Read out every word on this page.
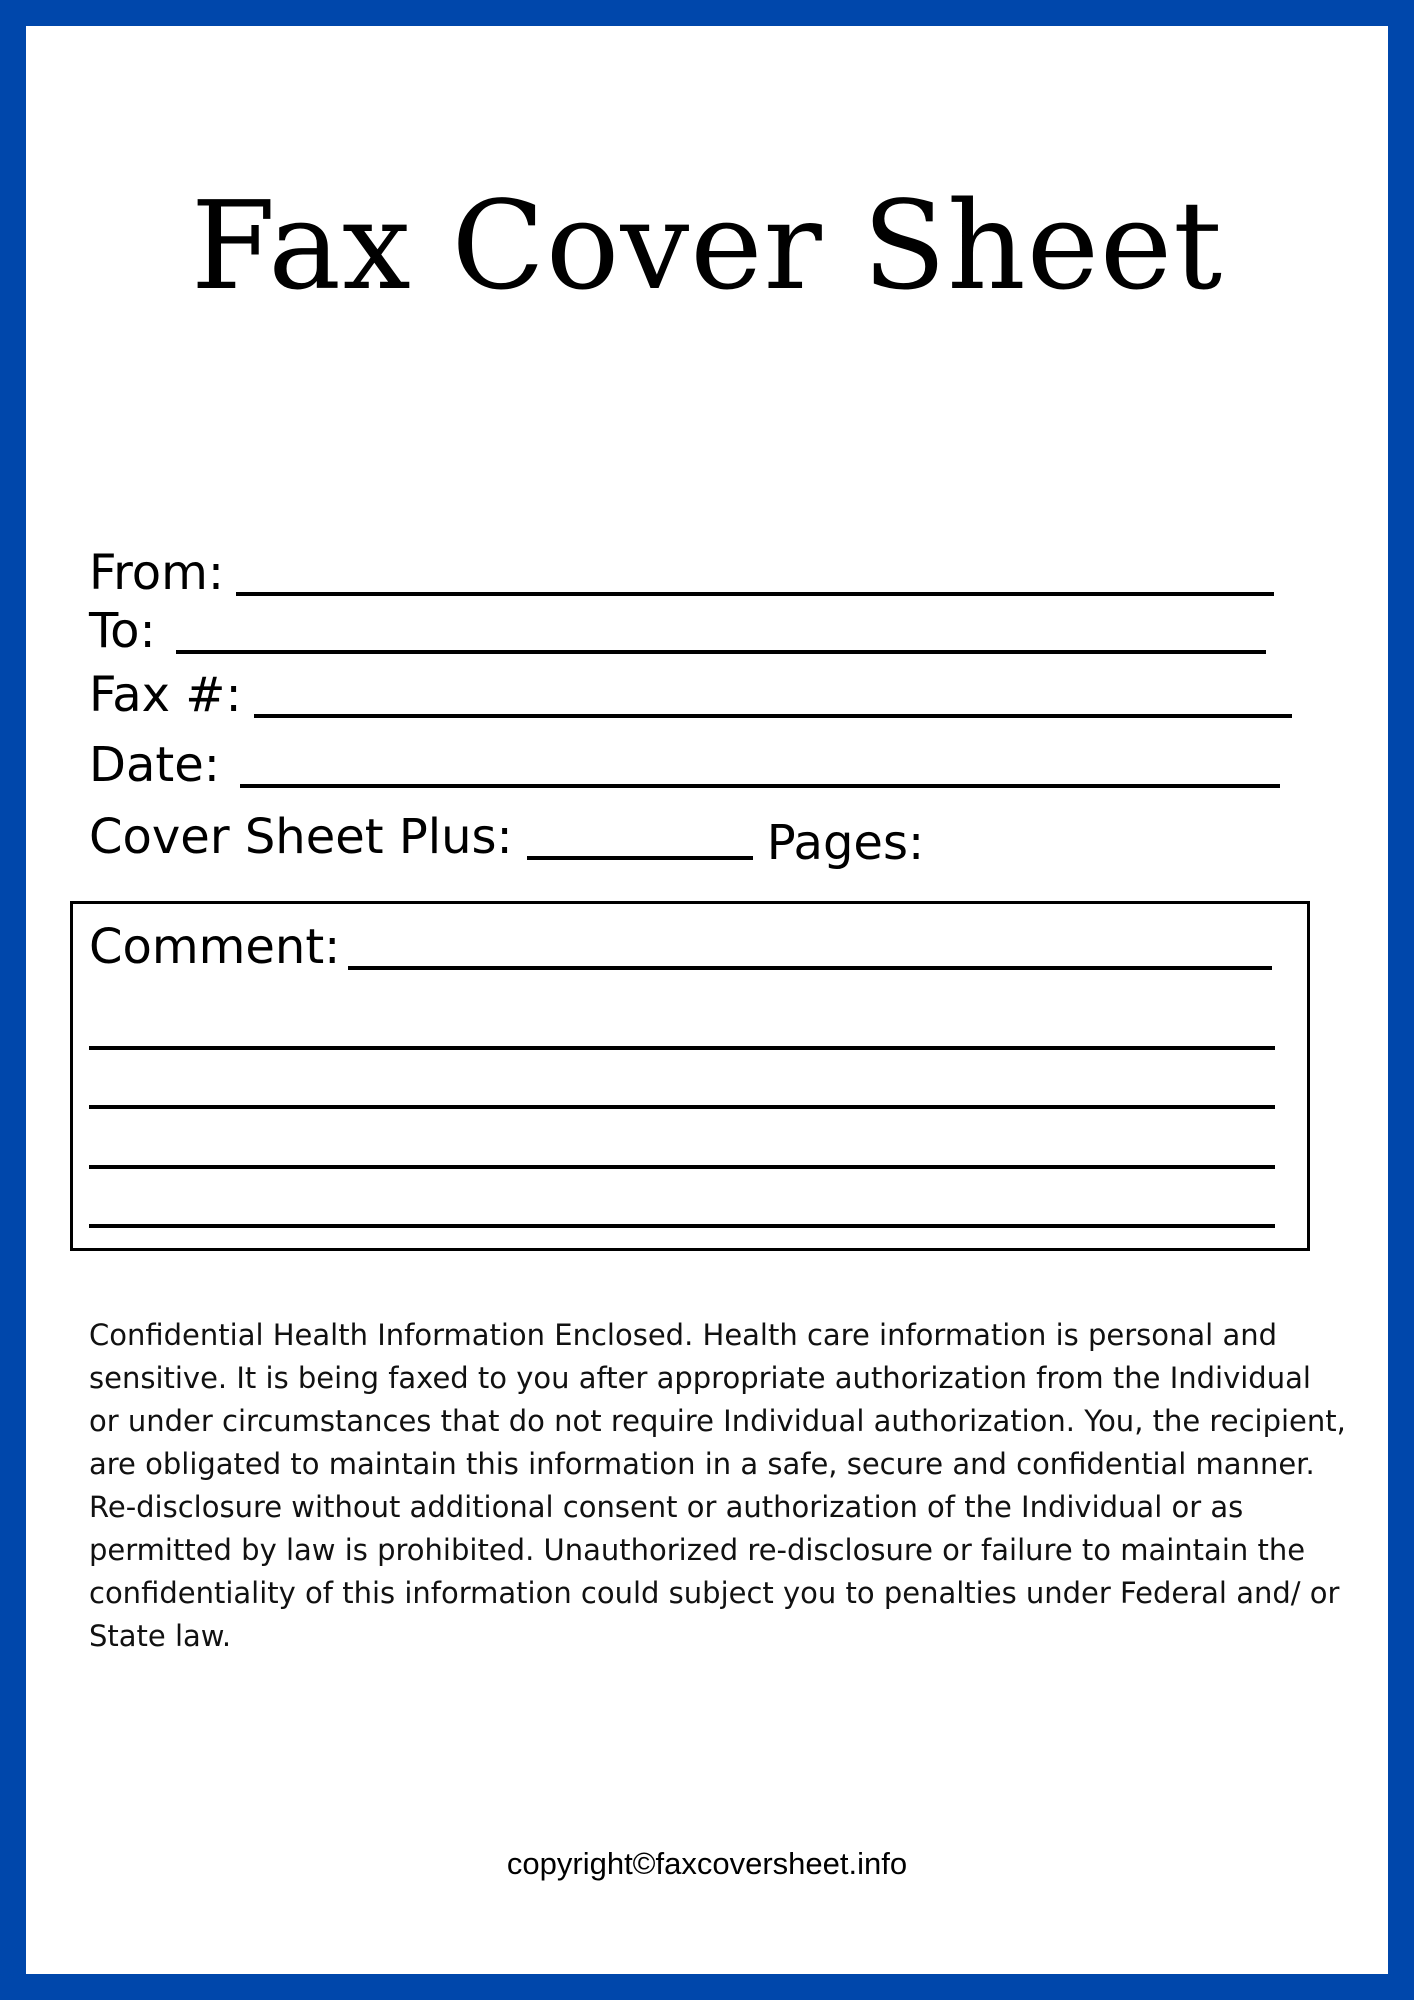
Fax Cover Sheet
From:
To:
Fax #:
Date:
Cover Sheet Plus:	Pages:
Comment:

Confidential Health Information Enclosed. Health care information is personal and sensitive. It is being faxed to you after appropriate authorization from the Individual or under circumstances that do not require Individual authorization. You, the recipient, are obligated to maintain this information in a safe, secure and confidential manner. Re-disclosure without additional consent or authorization of the Individual or as permitted by law is prohibited. Unauthorized re-disclosure or failure to maintain the confidentiality of this information could subject you to penalties under Federal and/ or State law.

copyright©faxcoversheet.info
